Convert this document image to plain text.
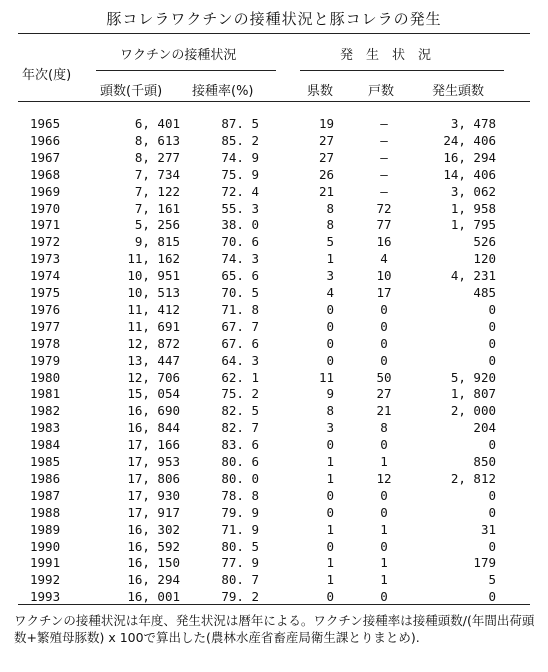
豚コレラワクチンの接種状況と豚コレラの発生
年次(度)
ワクチンの接種状況	発　生　状　況
頭数(千頭) 接種率(%)	県数	戸数	発生頭数
1965	6, 401	87. 5	19	—	3, 478
1966	8, 613	85. 2	27	—	24, 406
1967	8, 277	74. 9	27	—	16, 294
1968	7, 734	75. 9	26	—	14, 406
1969	7, 122	72. 4	21	—	3, 062
1970	7, 161	55. 3	8	72	1, 958
1971	5, 256	38. 0	8	77	1, 795
1972	9, 815	70. 6	5	16	526
1973	11, 162	74. 3	1	4	120
1974	10, 951	65. 6	3	10	4, 231
1975	10, 513	70. 5	4	17	485
1976	11, 412	71. 8	0	0	0
1977	11, 691	67. 7	0	0	0
1978	12, 872	67. 6	0	0	0
1979	13, 447	64. 3	0	0	0
1980	12, 706	62. 1	11	50	5, 920
1981	15, 054	75. 2	9	27	1, 807
1982	16, 690	82. 5	8	21	2, 000
1983	16, 844	82. 7	3	8	204
1984	17, 166	83. 6	0	0	0
1985	17, 953	80. 6	1	1	850
1986	17, 806	80. 0	1	12	2, 812
1987	17, 930	78. 8	0	0	0
1988	17, 917	79. 9	0	0	0
1989	16, 302	71. 9	1	1	31
1990	16, 592	80. 5	0	0	0
1991	16, 150	77. 9	1	1	179
1992	16, 294	80. 7	1	1	5
1993	16, 001	79. 2	0	0	0
ワクチンの接種状況は年度、発生状況は暦年による。ワクチン接種率は接種頭数/(年間出荷頭数+繁殖母豚数) x 100で算出した(農林水産省畜産局衛生課とりまとめ).
